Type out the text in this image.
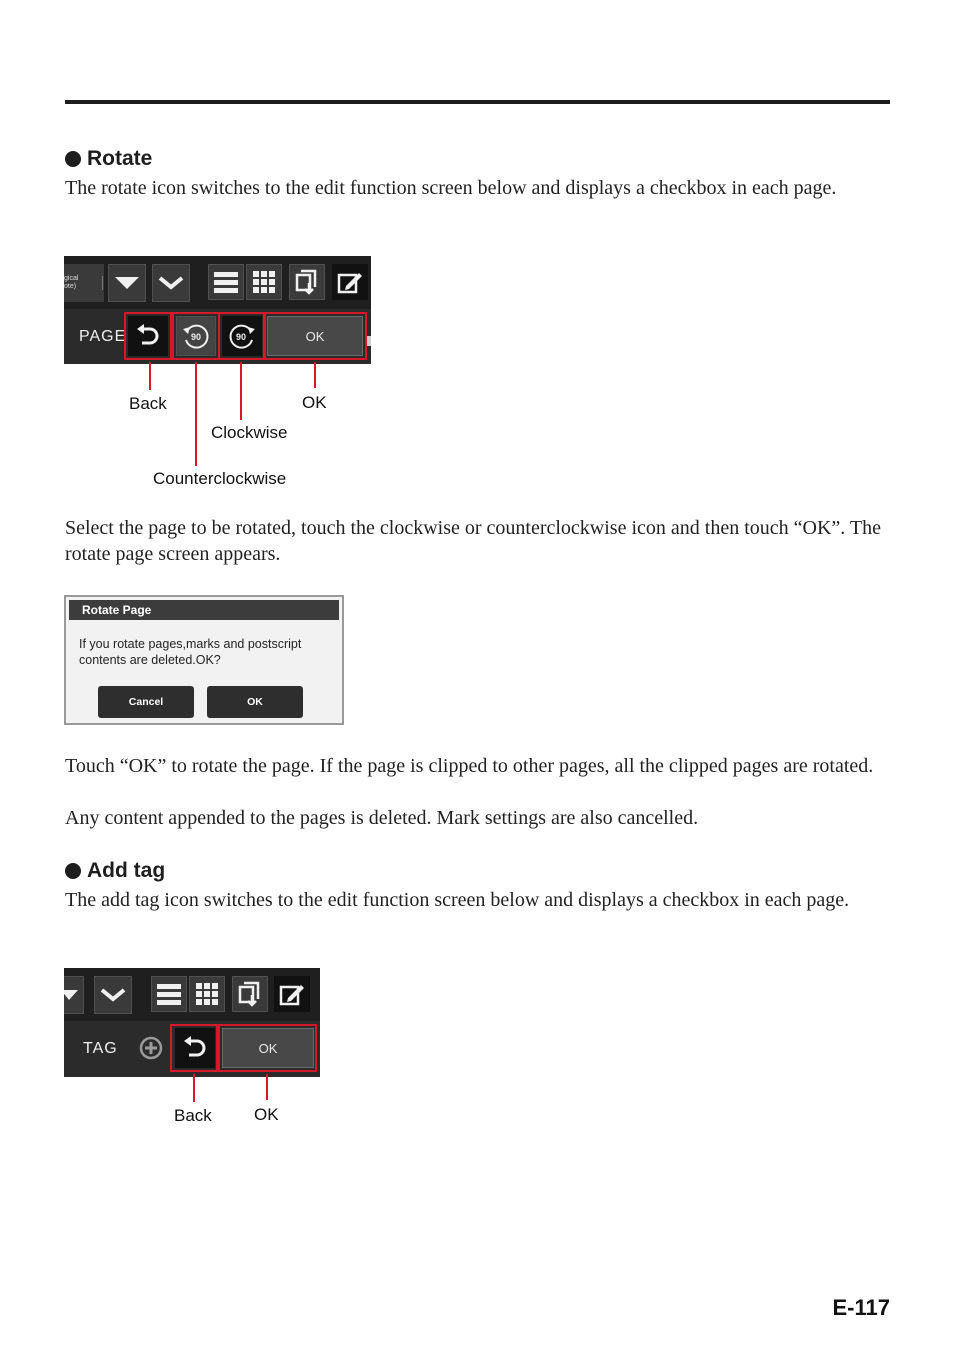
Rotate
The rotate icon switches to the edit function screen below and displays a checkbox in each page.
gical
ote)
PAGE	90	90	OK
Back	OK
Clockwise
Counterclockwise
Select the page to be rotated, touch the clockwise or counterclockwise icon and then touch “OK”. The rotate page screen appears.
Rotate Page
If you rotate pages,marks and postscript contents are deleted.OK?
Cancel	OK
Touch “OK” to rotate the page. If the page is clipped to other pages, all the clipped pages are rotated.
Any content appended to the pages is deleted. Mark settings are also cancelled.
Add tag
The add tag icon switches to the edit function screen below and displays a checkbox in each page.
TAG	OK
Back OK
E-117
